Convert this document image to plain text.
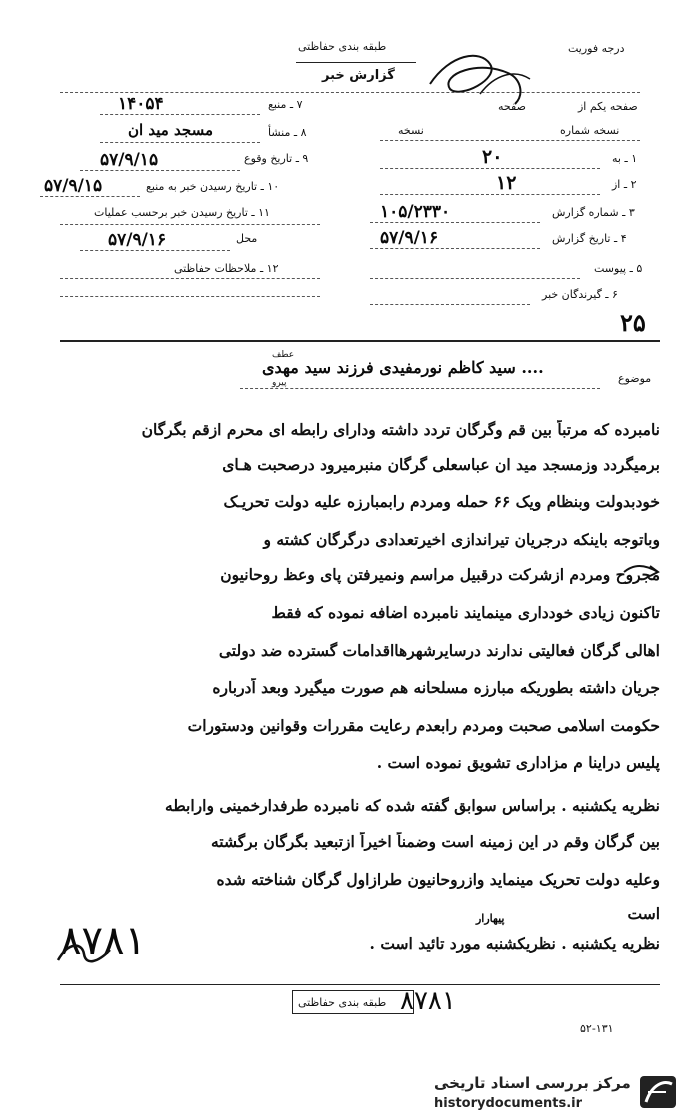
طبقه بندی حفاظتی
گزارش خبر
درجه فوریت
۷ ـ منبع
۱۴۰۵۴
۸ ـ منشأ
مسجد مید ان
۹ ـ تاریخ وقوع
۵۷/۹/۱۵
۱۰ ـ تاریخ رسیدن خبر به منبع
۵۷/۹/۱۵
۱۱ ـ تاریخ رسیدن خبر برحسب عملیات
محل
۵۷/۹/۱۶
۱۲ ـ ملاحظات حفاظتی
صفحه یکم از
صفحه
نسخه شماره
نسخه
۱ ـ به
۲۰
۲ ـ از
۱۲
۳ ـ شماره گزارش
۱۰۵/۲۳۳۰
۴ ـ تاریخ گزارش
۵۷/۹/۱۶
۵ ـ پیوست
۶ ـ گیرندگان خبر
۲۵
موضوع
سید کاظم نورمفیدی فرزند سید مهدی ....
عطف
پیرو
نامبرده که مرتباً بین قم وگرگان تردد داشته ودارای رابطه ای محرم ازقم بگرگان
برمیگردد وزمسجد مید ان عباسعلی گرگان منبرمیرود درصحبت هـای
خودبدولت وبنظام ویک ۶۶ حمله ومردم رابمبارزه علیه دولت تحریـک
وباتوجه باینکه درجریان تیراندازی اخیرتعدادی درگرگان کشته و
مجروح ومردم ازشرکت درقبیل مراسم ونمیرفتن پای وعظ روحانیون
تاکنون زیادی خودداری مینمایند نامبرده اضافه نموده که فقط
اهالی گرگان فعالیتی ندارند درسایرشهرهااقدامات گسترده ضد دولتی
جریان داشته بطوریکه مبارزه مسلحانه هم صورت میگیرد وبعد اًدرباره
حکومت اسلامی صحبت ومردم رابعدم رعایت مقررات وقوانین ودستورات
پلیس دراینا م مزاداری تشویق نموده است .
نظریه یکشنبه . براساس سوابق گفته شده که نامبرده طرفدارخمینی وارابطه
بین گرگان وقم در این زمینه است وضمناً اخیراً ازتبعید بگرگان برگشته
وعلیه دولت تحریک مینماید وازروحانیون طرازاول گرگان شناخته شده
است
نظریه یکشنبه . نظریکشنبه مورد تائید است .
پیهارار
۸۷۸۱
طبقه بندی حفاظتی ۸۷۸۱
۵۲-۱۳۱
مرکز بررسی اسناد تاریخی
historydocuments.ir
